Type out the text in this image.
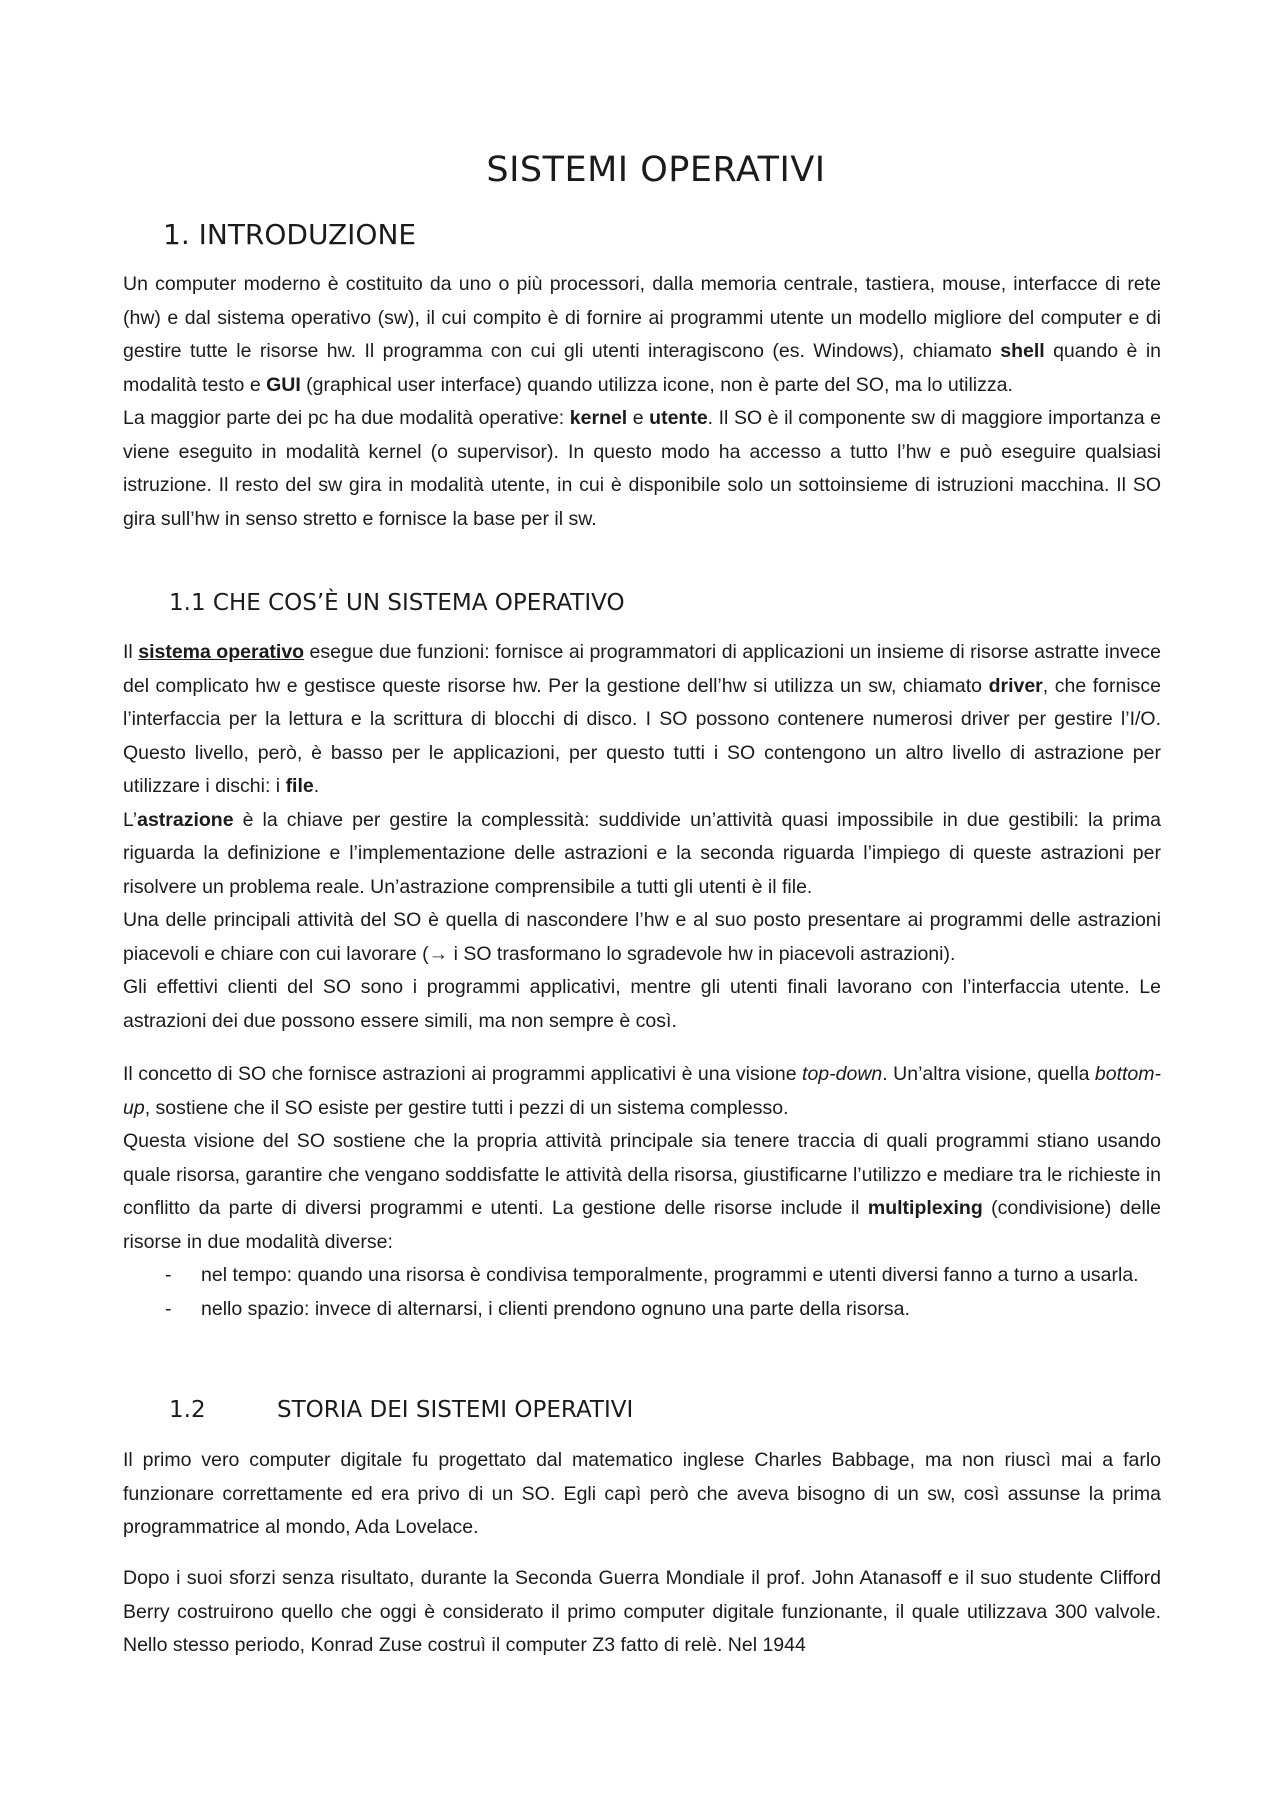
SISTEMI OPERATIVI
1. INTRODUZIONE

Un computer moderno è costituito da uno o più processori, dalla memoria centrale, tastiera, mouse, interfacce di rete (hw) e dal sistema operativo (sw), il cui compito è di fornire ai programmi utente un modello migliore del computer e di gestire tutte le risorse hw. Il programma con cui gli utenti interagiscono (es. Windows), chiamato shell quando è in modalità testo e GUI (graphical user interface) quando utilizza icone, non è parte del SO, ma lo utilizza.

La maggior parte dei pc ha due modalità operative: kernel e utente. Il SO è il componente sw di maggiore importanza e viene eseguito in modalità kernel (o supervisor). In questo modo ha accesso a tutto l’hw e può eseguire qualsiasi istruzione. Il resto del sw gira in modalità utente, in cui è disponibile solo un sottoinsieme di istruzioni macchina. Il SO gira sull’hw in senso stretto e fornisce la base per il sw.

1.1 CHE COS’È UN SISTEMA OPERATIVO

Il sistema operativo esegue due funzioni: fornisce ai programmatori di applicazioni un insieme di risorse astratte invece del complicato hw e gestisce queste risorse hw. Per la gestione dell’hw si utilizza un sw, chiamato driver, che fornisce l’interfaccia per la lettura e la scrittura di blocchi di disco. I SO possono contenere numerosi driver per gestire l’I/O. Questo livello, però, è basso per le applicazioni, per questo tutti i SO contengono un altro livello di astrazione per utilizzare i dischi: i file.

L’astrazione è la chiave per gestire la complessità: suddivide un’attività quasi impossibile in due gestibili: la prima riguarda la definizione e l’implementazione delle astrazioni e la seconda riguarda l’impiego di queste astrazioni per risolvere un problema reale. Un’astrazione comprensibile a tutti gli utenti è il file.

Una delle principali attività del SO è quella di nascondere l’hw e al suo posto presentare ai programmi delle astrazioni piacevoli e chiare con cui lavorare (→ i SO trasformano lo sgradevole hw in piacevoli astrazioni).

Gli effettivi clienti del SO sono i programmi applicativi, mentre gli utenti finali lavorano con l’interfaccia utente. Le astrazioni dei due possono essere simili, ma non sempre è così.

Il concetto di SO che fornisce astrazioni ai programmi applicativi è una visione top-down. Un’altra visione, quella bottom-up, sostiene che il SO esiste per gestire tutti i pezzi di un sistema complesso.

Questa visione del SO sostiene che la propria attività principale sia tenere traccia di quali programmi stiano usando quale risorsa, garantire che vengano soddisfatte le attività della risorsa, giustificarne l’utilizzo e mediare tra le richieste in conflitto da parte di diversi programmi e utenti. La gestione delle risorse include il multiplexing (condivisione) delle risorse in due modalità diverse:

- nel tempo: quando una risorsa è condivisa temporalmente, programmi e utenti diversi fanno a turno a usarla.

- nello spazio: invece di alternarsi, i clienti prendono ognuno una parte della risorsa.

1.2	STORIA DEI SISTEMI OPERATIVI

Il primo vero computer digitale fu progettato dal matematico inglese Charles Babbage, ma non riuscì mai a farlo funzionare correttamente ed era privo di un SO. Egli capì però che aveva bisogno di un sw, così assunse la prima programmatrice al mondo, Ada Lovelace.

Dopo i suoi sforzi senza risultato, durante la Seconda Guerra Mondiale il prof. John Atanasoff e il suo studente Clifford Berry costruirono quello che oggi è considerato il primo computer digitale funzionante, il quale utilizzava 300 valvole. Nello stesso periodo, Konrad Zuse costruì il computer Z3 fatto di relè. Nel 1944
